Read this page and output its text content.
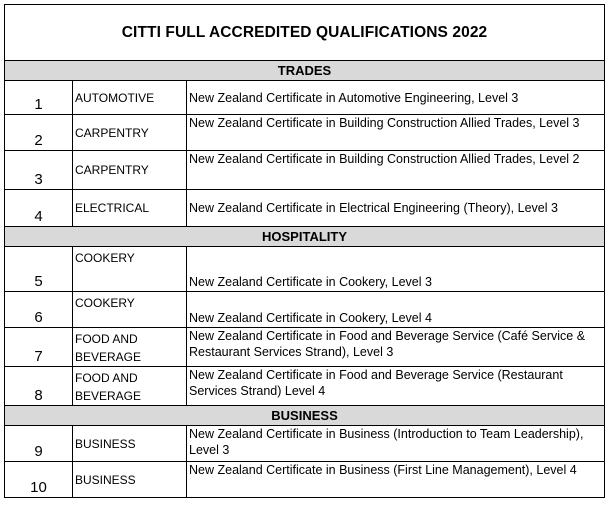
CITTI FULL ACCREDITED QUALIFICATIONS 2022		
TRADES		
1	AUTOMOTIVE	New Zealand Certificate in Automotive Engineering, Level 3
2	CARPENTRY	New Zealand Certificate in Building Construction Allied Trades, Level 3
3	CARPENTRY	New Zealand Certificate in Building Construction Allied Trades, Level 2
4	ELECTRICAL	New Zealand Certificate in Electrical Engineering (Theory), Level 3
HOSPITALITY		
5	COOKERY	New Zealand Certificate in Cookery, Level 3
6	COOKERY	New Zealand Certificate in Cookery, Level 4
7	FOOD AND BEVERAGE	New Zealand Certificate in Food and Beverage Service (Café Service & Restaurant Services Strand), Level 3
8	FOOD AND BEVERAGE	New Zealand Certificate in Food and Beverage Service (Restaurant Services Strand) Level 4
BUSINESS		
9	BUSINESS	New Zealand Certificate in Business (Introduction to Team Leadership), Level 3
10	BUSINESS	New Zealand Certificate in Business (First Line Management), Level 4
